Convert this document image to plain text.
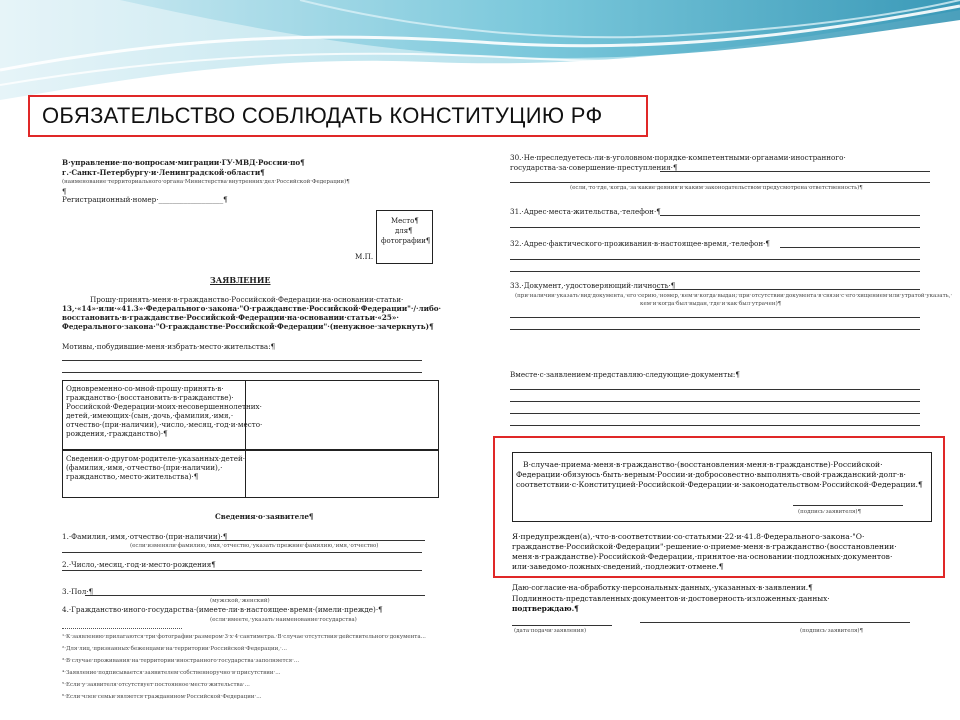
ОБЯЗАТЕЛЬСТВО СОБЛЮДАТЬ КОНСТИТУЦИЮ РФ
В·управление·по·вопросам·миграции·ГУ·МВД·России·по¶
г.·Санкт-Петербургу·и·Ленинградской·области¶
(наименование·территориального·органа·Министерства·внутренних·дел·Российской·Федерации)¶
¶
Регистрационный·номер·__________________¶
Место¶
для¶
фотографии¶
М.П.
ЗАЯВЛЕНИЕ
Прошу·принять·меня·в·гражданство·Российской·Федерации·на·основании·статьи·
13,·«14»·или·«41.3»·Федерального·закона·"О·гражданстве·Российской·Федерации"·/·либо·
восстановить·в·гражданстве·Российской·Федерации·на·основании·статьи·«25»·
Федерального·закона·"О·гражданстве·Российской·Федерации"·(ненужное·зачеркнуть)¶
Мотивы,·побудившие·меня·избрать·место·жительства:¶
Одновременно·со·мной·прошу·принять·в·
гражданство·(восстановить·в·гражданстве)·
Российской·Федерации·моих·несовершеннолетних·
детей,·имеющих·(сын,·дочь,·фамилия,·имя,·
отчество·(при·наличии),·число,·месяц,·год·и·место·
рождения,·гражданство)·¶
Сведения·о·другом·родителе·указанных·детей·
(фамилия,·имя,·отчество·(при·наличии),·
гражданство,·место·жительства)·¶
Сведения·о·заявителе¶
1.·Фамилия,·имя,·отчество·(при·наличии)·¶
(если·изменяли·фамилию,·имя,·отчество,·указать·прежние·фамилию,·имя,·отчество)
2.·Число,·месяц,·год·и·место·рождения¶
3.·Пол·¶
(мужской,·женский)
4.·Гражданство·иного·государства·(имеете·ли·в·настоящее·время·(имели·прежде)·¶
(если·имеете,·указать·наименование·государства)
¹·К·заявлению·прилагаются·три·фотографии·размером·3·х·4·сантиметра.·В·случае·отсутствия·действительного·документа...
²·Для·лиц,·признанных·беженцами·на·территории·Российской·Федерации,·...
³·В·случае·проживания·на·территории·иностранного·государства·заполняется·...
⁴·Заявление·подписывается·заявителем·собственноручно·в·присутствии·...
⁵·Если·у·заявителя·отсутствует·постоянное·место·жительства·...
⁶·Если·член·семьи·является·гражданином·Российской·Федерации·...
30.·Не·преследуетесь·ли·в·уголовном·порядке·компетентными·органами·иностранного·
государства·за·совершение·преступления·¶
(если,·то·где,·когда,·за·какие·деяния·и·каким·законодательством·предусмотрена·ответственность)¶
31.·Адрес·места·жительства,·телефон·¶
32.·Адрес·фактического·проживания·в·настоящее·время,·телефон·¶
33.·Документ,·удостоверяющий·личность·¶
(при·наличии·указать·вид·документа,·его·серию,·номер,·кем·и·когда·выдан;·при·отсутствии·документа·в·связи·с·его·хищением·или·утратой·указать,·
кем·и·когда·был·выдан,·где·и·как·был·утрачен)¶
Вместе·с·заявлением·представляю·следующие·документы:¶
В·случае·приема·меня·в·гражданство·(восстановления·меня·в·гражданстве)·Российской·
Федерации·обязуюсь·быть·верным·России·и·добросовестно·выполнять·свой·гражданский·долг·в·
соответствии·с·Конституцией·Российской·Федерации·и·законодательством·Российской·Федерации.¶
(подпись·заявителя)¶
Я·предупрежден(а),·что·в·соответствии·со·статьями·22·и·41.8·Федерального·закона·"О·
гражданстве·Российской·Федерации"·решение·о·приеме·меня·в·гражданство·(восстановлении·
меня·в·гражданстве)·Российской·Федерации,·принятое·на·основании·подложных·документов·
или·заведомо·ложных·сведений,·подлежит·отмене.¶
Даю·согласие·на·обработку·персональных·данных,·указанных·в·заявлении.¶
Подлинность·представленных·документов·и·достоверность·изложенных·данных·
подтверждаю.¶
(дата·подачи·заявления)	(подпись·заявителя)¶
